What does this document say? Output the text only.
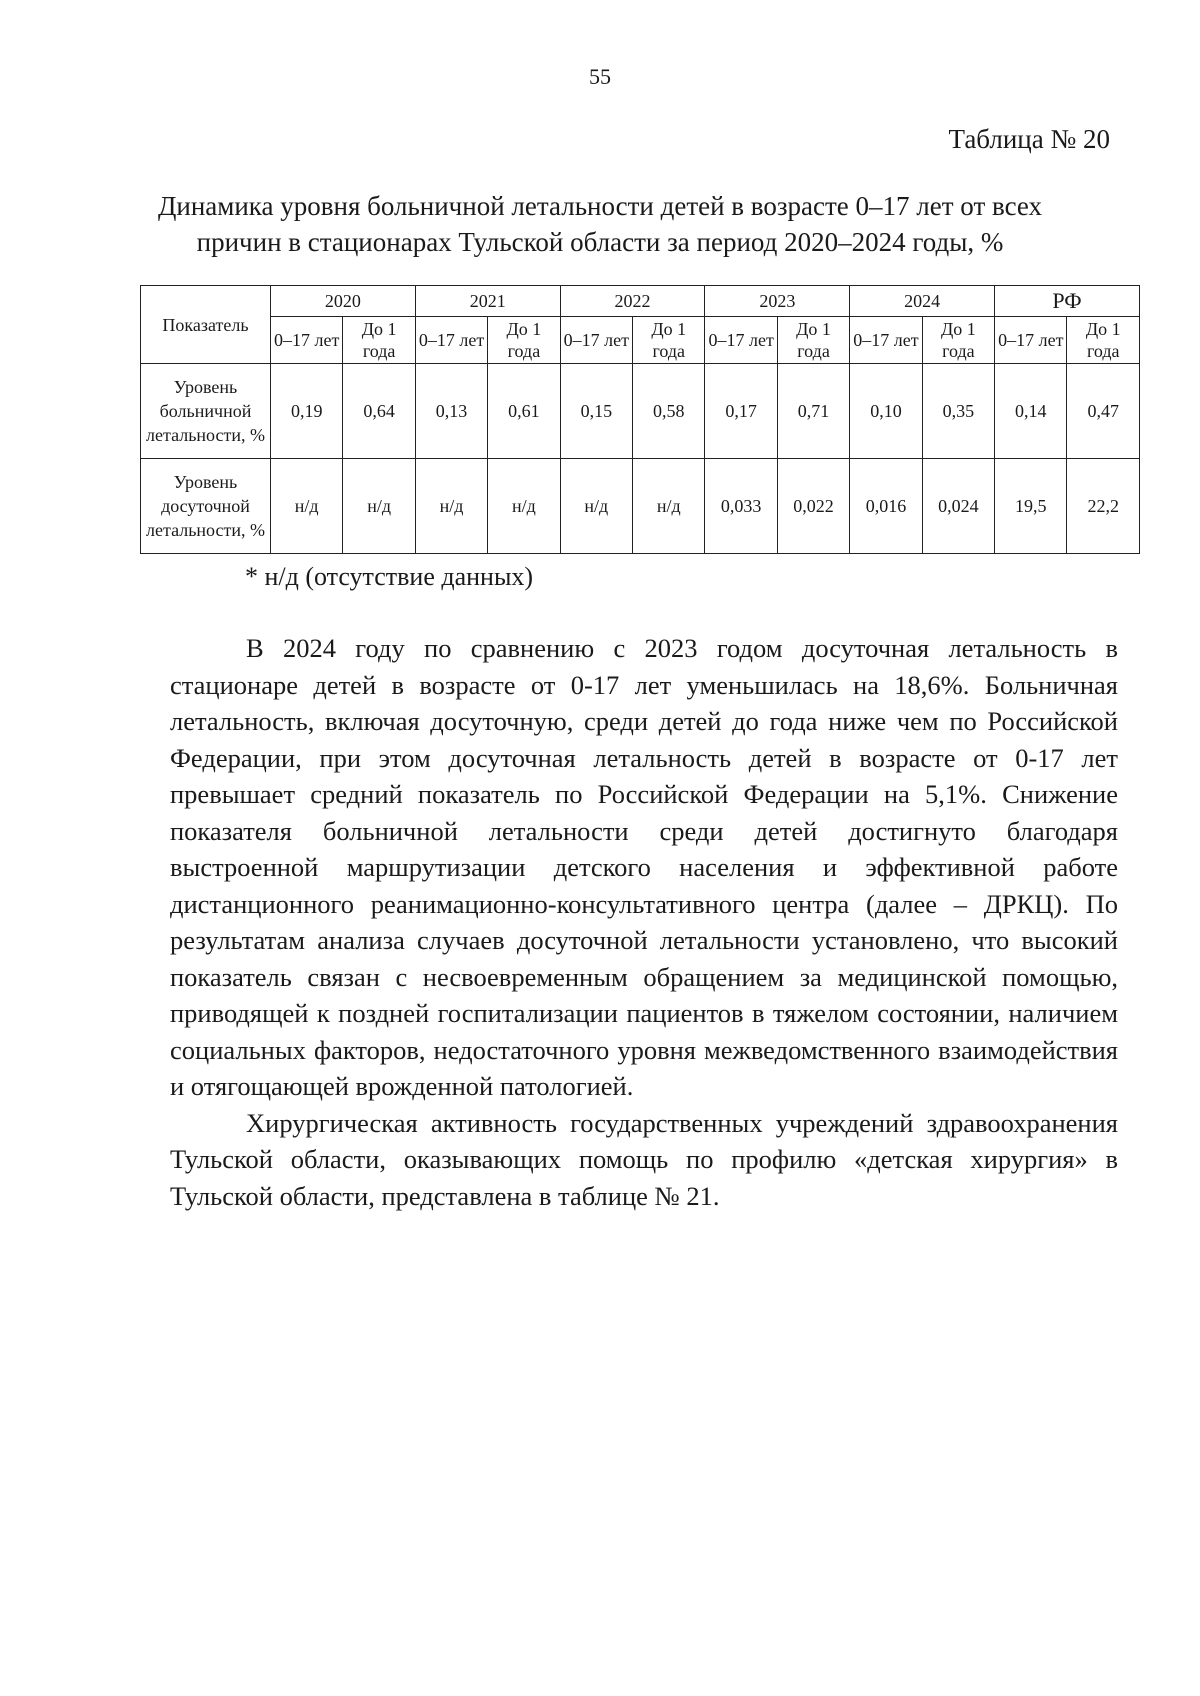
55
Таблица № 20
Динамика уровня больничной летальности детей в возрасте 0–17 лет от всех причин в стационарах Тульской области за период 2020–2024 годы, %
Показатель	2020		2021		2022		2023		2024		РФ	
	0–17 лет	До 1 года	0–17 лет	До 1 года	0–17 лет	До 1 года	0–17 лет	До 1 года	0–17 лет	До 1 года	0–17 лет	До 1 года
Уровень больничной летальности, %	0,19	0,64	0,13	0,61	0,15	0,58	0,17	0,71	0,10	0,35	0,14	0,47
Уровень досуточной летальности, %	н/д	н/д	н/д	н/д	н/д	н/д	0,033	0,022	0,016	0,024	19,5	22,2
* н/д (отсутствие данных)

В 2024 году по сравнению с 2023 годом досуточная летальность в стационаре детей в возрасте от 0-17 лет уменьшилась на 18,6%. Больничная летальность, включая досуточную, среди детей до года ниже чем по Российской Федерации, при этом досуточная летальность детей в возрасте от 0-17 лет превышает средний показатель по Российской Федерации на 5,1%. Снижение показателя больничной летальности среди детей достигнуто благодаря выстроенной маршрутизации детского населения и эффективной работе дистанционного реанимационно-консультативного центра (далее – ДРКЦ). По результатам анализа случаев досуточной летальности установлено, что высокий показатель связан с несвоевременным обращением за медицинской помощью, приводящей к поздней госпитализации пациентов в тяжелом состоянии, наличием социальных факторов, недостаточного уровня межведомственного взаимодействия и отягощающей врожденной патологией.

Хирургическая активность государственных учреждений здравоохранения Тульской области, оказывающих помощь по профилю «детская хирургия» в Тульской области, представлена в таблице № 21.
